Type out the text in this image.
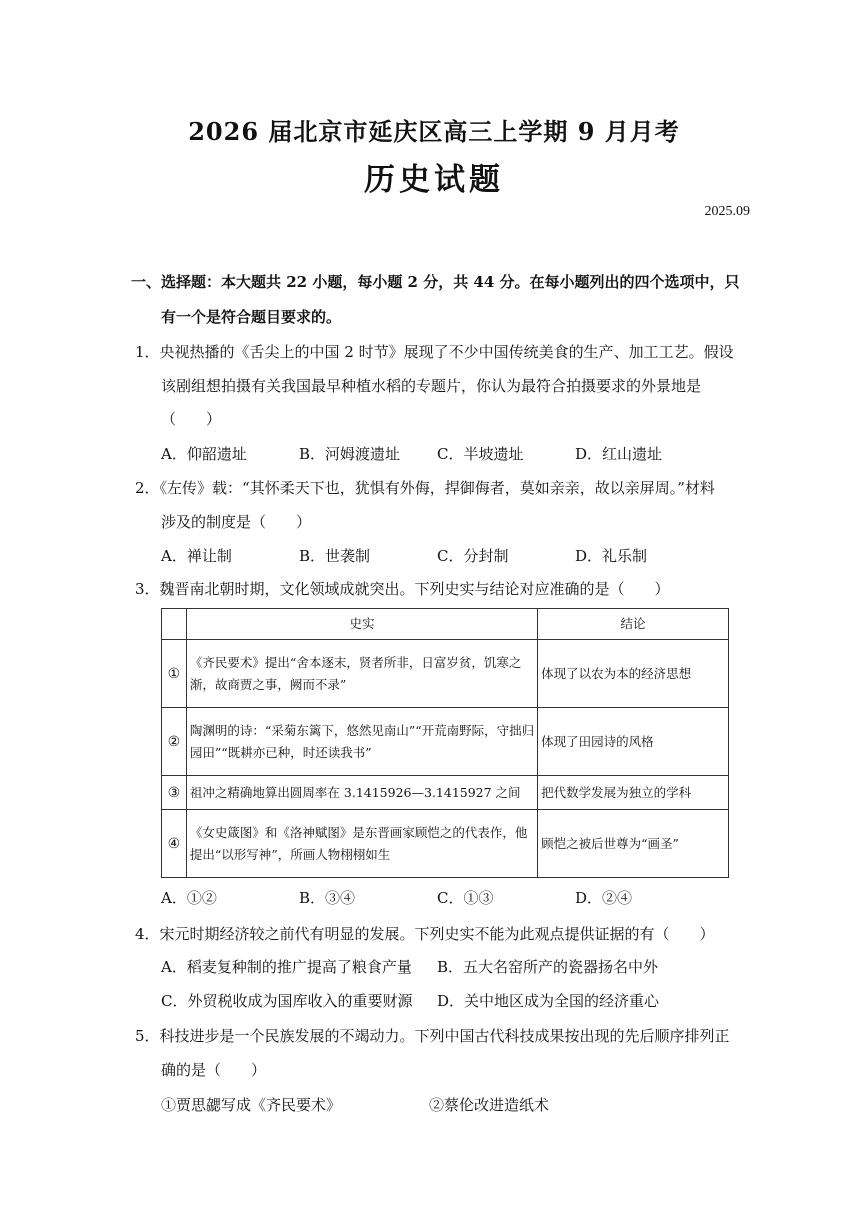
2026 届北京市延庆区高三上学期 9 月月考
历史试题
2025.09
一、选择题：本大题共 22 小题，每小题 2 分，共 44 分。在每小题列出的四个选项中，只
有一个是符合题目要求的。
1．央视热播的《舌尖上的中国 2 时节》展现了不少中国传统美食的生产、加工工艺。假设
该剧组想拍摄有关我国最早种植水稻的专题片，你认为最符合拍摄要求的外景地是
（　　）
A．仰韶遗址	B．河姆渡遗址 C．半坡遗址	D．红山遗址
2．《左传》载：“其怀柔天下也，犹惧有外侮，捍御侮者，莫如亲亲，故以亲屏周。”材料
涉及的制度是（　　）
A．禅让制	B．世袭制	C．分封制	D．礼乐制
3．魏晋南北朝时期，文化领域成就突出。下列史实与结论对应准确的是（　　）
	史实	结论
①	《齐民要术》提出“舍本逐末，贤者所非，日富岁贫，饥寒之渐，故商贾之事，阙而不录”	体现了以农为本的经济思想
②	陶渊明的诗：“采菊东篱下，悠然见南山”“开荒南野际，守拙归园田”“既耕亦已种，时还读我书”	体现了田园诗的风格
③	祖冲之精确地算出圆周率在 3.1415926—3.1415927 之间	把代数学发展为独立的学科
④	《女史箴图》和《洛神赋图》是东晋画家顾恺之的代表作，他提出“以形写神”，所画人物栩栩如生	顾恺之被后世尊为“画圣”
A．①②	B．③④	C．①③	D．②④
4．宋元时期经济较之前代有明显的发展。下列史实不能为此观点提供证据的有（　　）
A．稻麦复种制的推广提高了粮食产量 B．五大名窑所产的瓷器扬名中外
C．外贸税收成为国库收入的重要财源 D．关中地区成为全国的经济重心
5．科技进步是一个民族发展的不竭动力。下列中国古代科技成果按出现的先后顺序排列正
确的是（　　）
①贾思勰写成《齐民要术》	②蔡伦改进造纸术
